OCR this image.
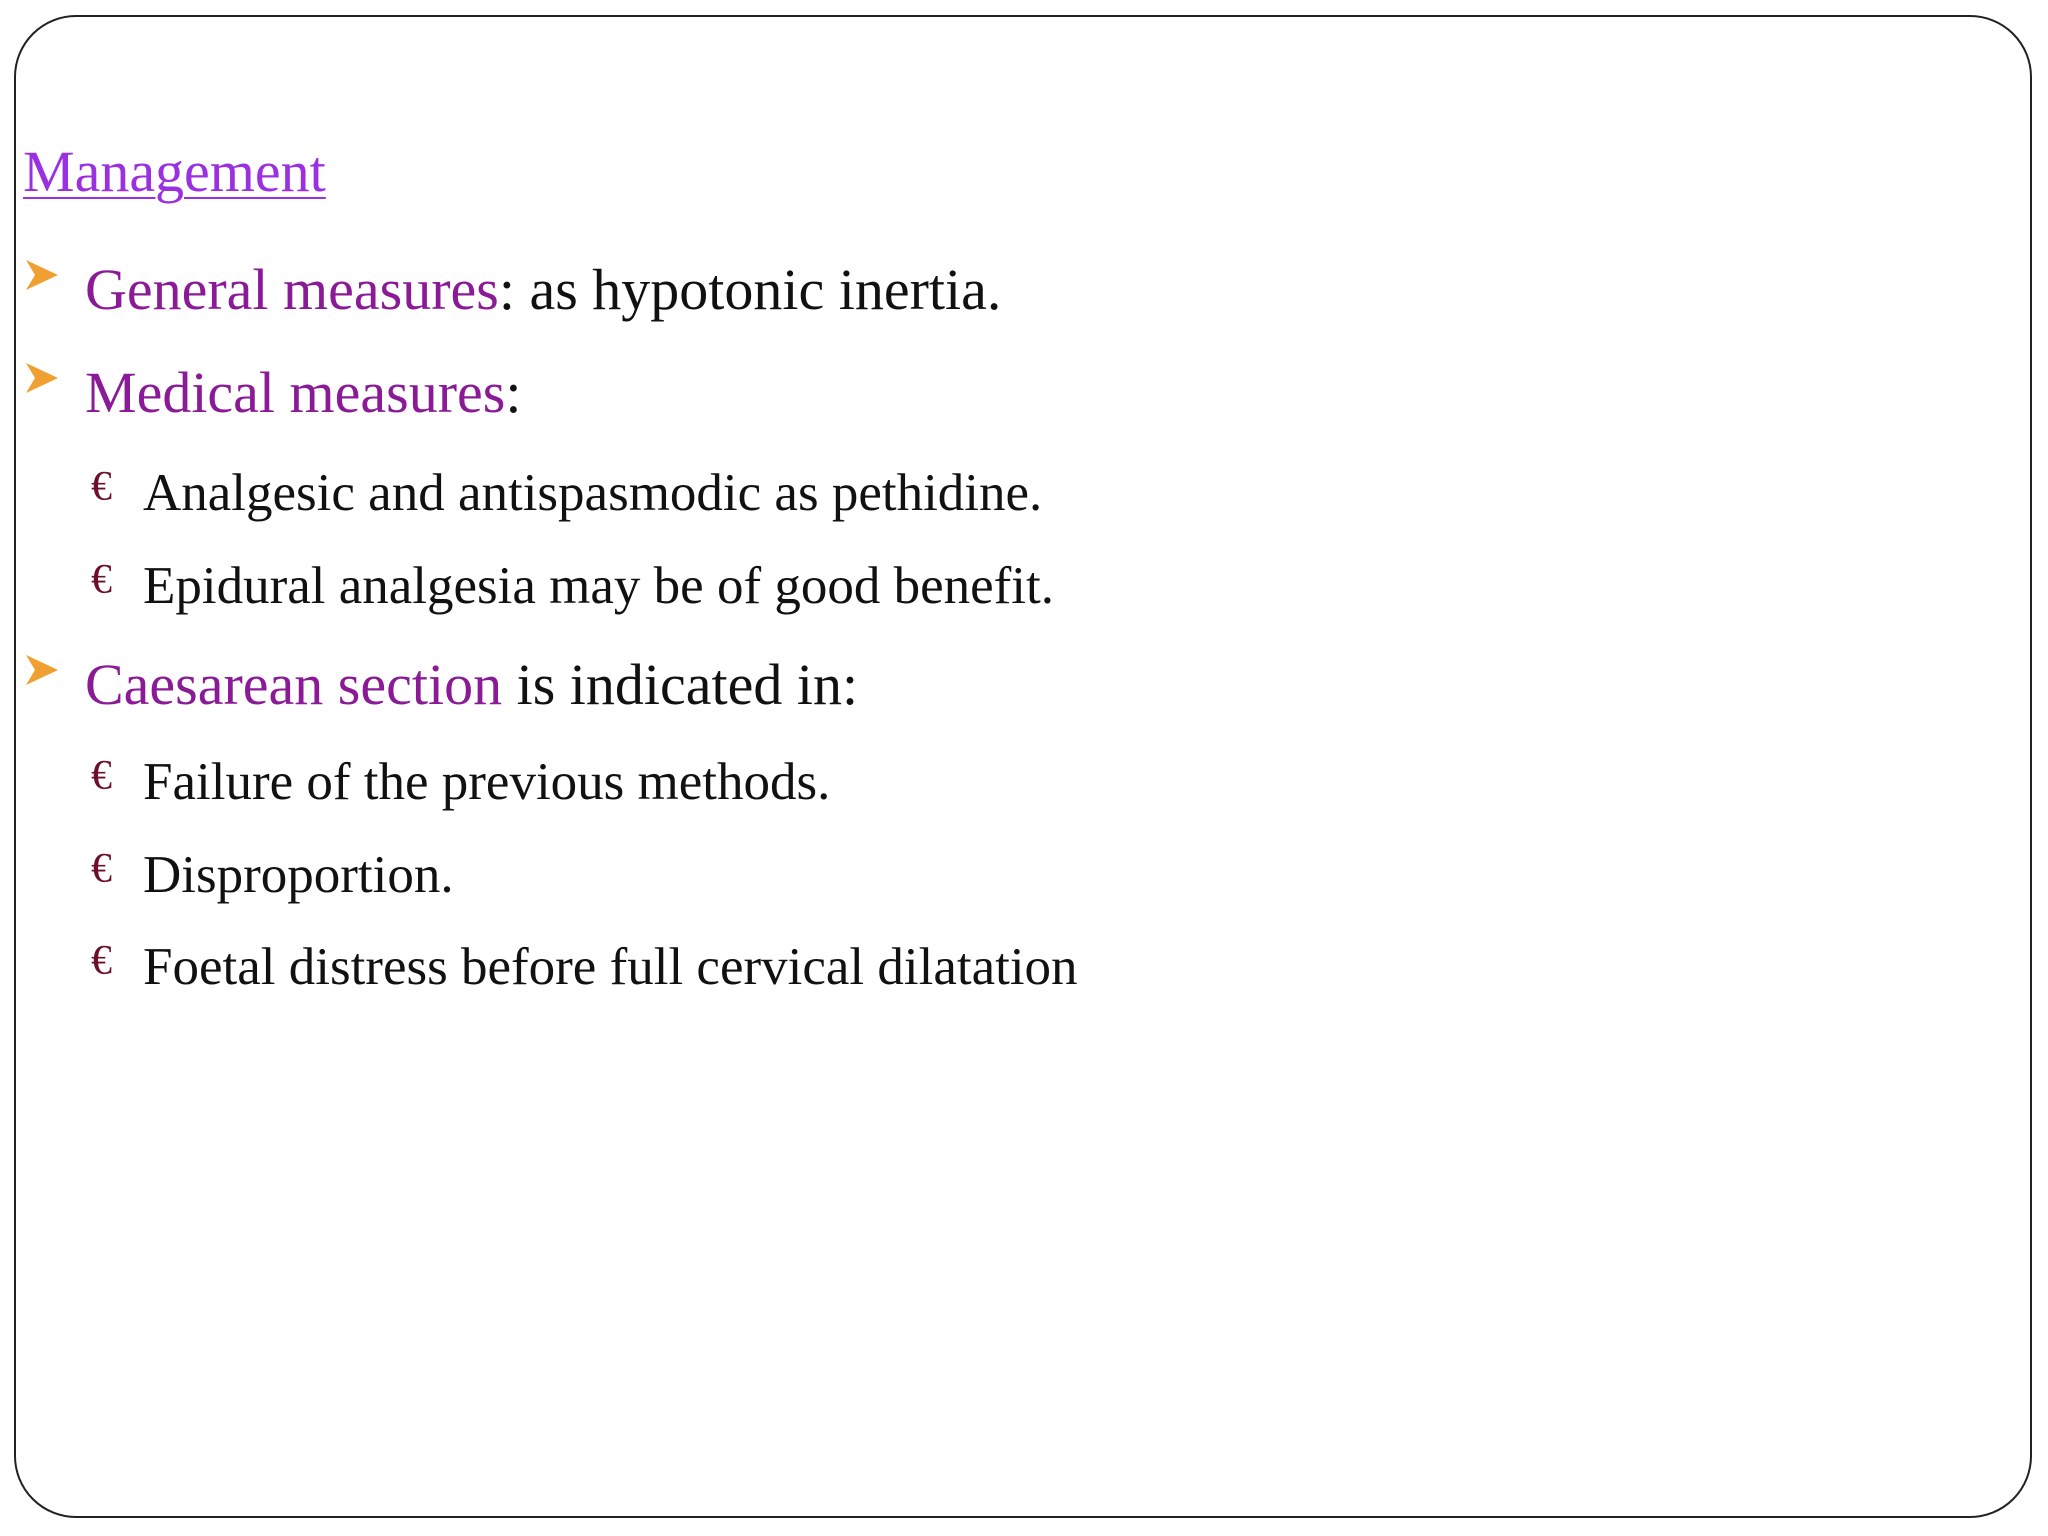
Management
General measures: as hypotonic inertia.
Medical measures:
€ Analgesic and antispasmodic as pethidine.
€ Epidural analgesia may be of good benefit.
Caesarean section is indicated in:
€ Failure of the previous methods.
€ Disproportion.
€ Foetal distress before full cervical dilatation
